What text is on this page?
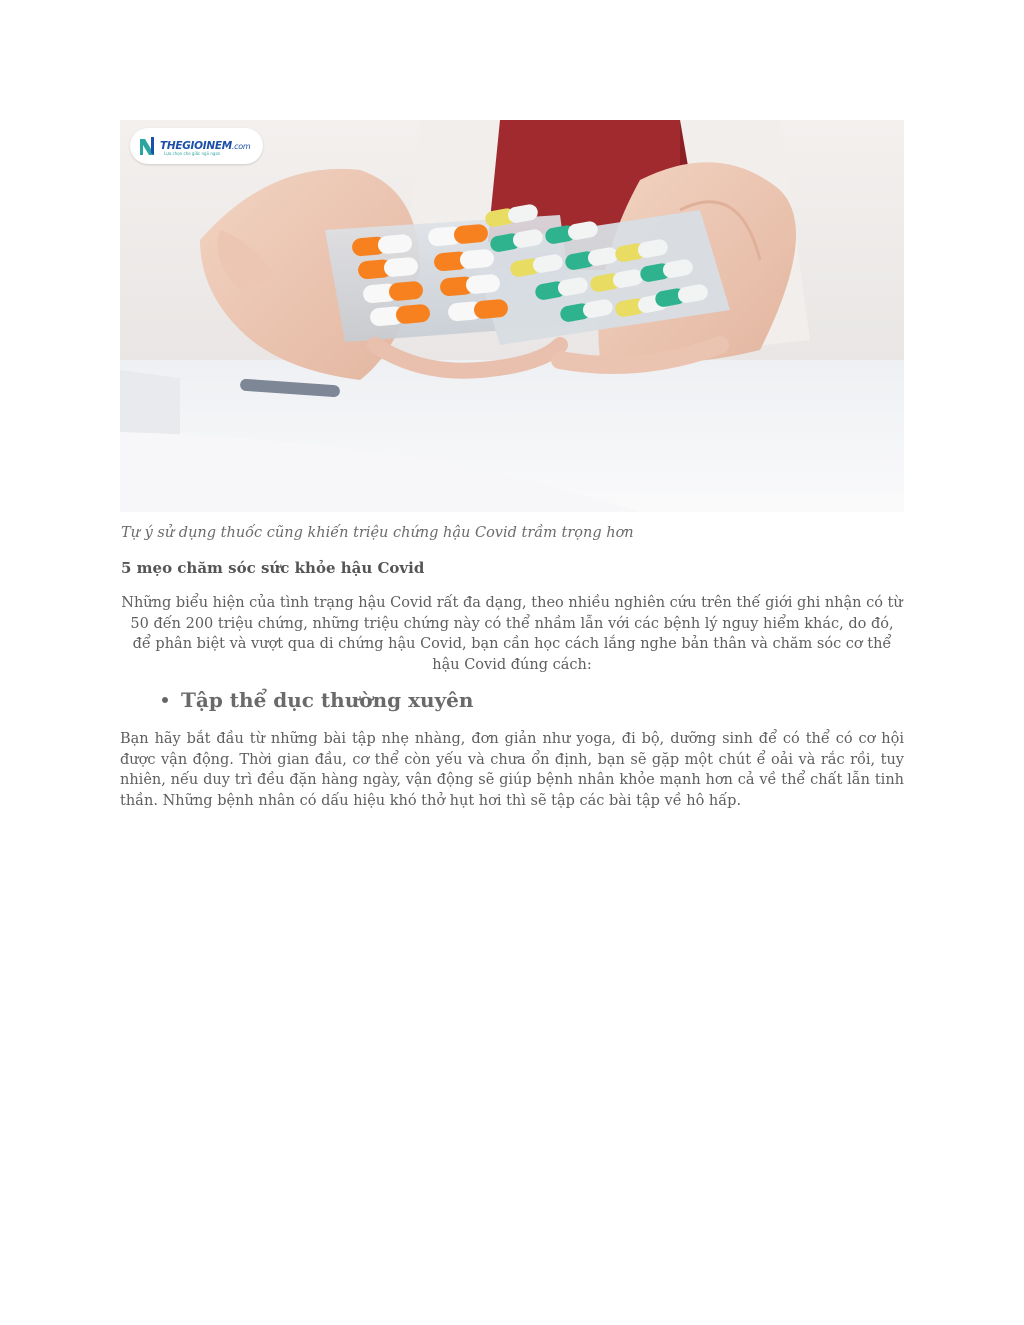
THEGIOINEM.com
Lựa chọn cho giấc ngủ ngon
Tự ý sử dụng thuốc cũng khiến triệu chứng hậu Covid trầm trọng hơn
5 mẹo chăm sóc sức khỏe hậu Covid

Những biểu hiện của tình trạng hậu Covid rất đa dạng, theo nhiều nghiên cứu trên thế giới ghi nhận có từ 50 đến 200 triệu chứng, những triệu chứng này có thể nhầm lẫn với các bệnh lý nguy hiểm khác, do đó, để phân biệt và vượt qua di chứng hậu Covid, bạn cần học cách lắng nghe bản thân và chăm sóc cơ thể hậu Covid đúng cách:

Tập thể dục thường xuyên

Bạn hãy bắt đầu từ những bài tập nhẹ nhàng, đơn giản như yoga, đi bộ, dưỡng sinh để có thể có cơ hội được vận động. Thời gian đầu, cơ thể còn yếu và chưa ổn định, bạn sẽ gặp một chút ể oải và rắc rồi, tuy nhiên, nếu duy trì đều đặn hàng ngày, vận động sẽ giúp bệnh nhân khỏe mạnh hơn cả về thể chất lẫn tinh thần. Những bệnh nhân có dấu hiệu khó thở hụt hơi thì sẽ tập các bài tập về hô hấp.
